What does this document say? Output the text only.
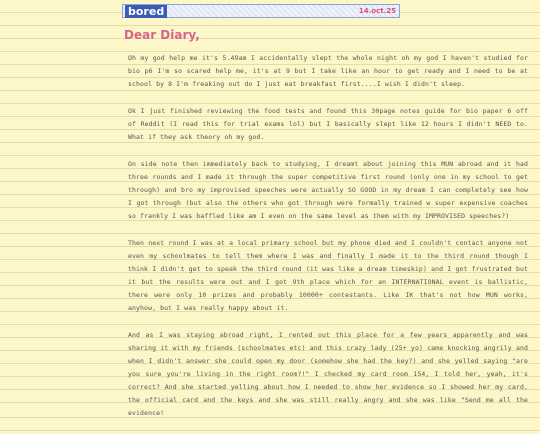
bored	14.oct.25
Dear Diary,

Oh my god help me it's 5.49am I accidentally slept the whole night oh my god I haven't studied for bio p6 I'm so scared help me, it's at 9 but I take like an hour to get ready and I need to be at school by 8 I'm freaking out do I just eat breakfast first....I wish I didn't sleep.

Ok I just finished reviewing the food tests and found this 30page notes guide for bio paper 6 off of Reddit (I read this for trial exams lol) but I basically slept like 12 hours I didn't NEED to. What if they ask theory oh my god.

On side note then immediately back to studying, I dreamt about joining this MUN abroad and it had three rounds and I made it through the super competitive first round (only one in my school to get through) and bro my improvised speeches were actually SO GOOD in my dream I can completely see how I got through (but also the others who got through were formally trained w super expensive coaches so frankly I was baffled like am I even on the same level as them with my IMPROVISED speeches?)

Then next round I was at a local primary school but my phone died and I couldn't contact anyone not even my schoolmates to tell them where I was and finally I made it to the third round though I think I didn't get to speak the third round (it was like a dream timeskip) and I got frustrated but it but the results were out and I got 9th place which for an INTERNATIONAL event is ballistic, there were only 10 prizes and probably 10000+ contestants. Like IK that's not how MUN works, anyhow, but I was really happy about it.

And as I was staying abroad right, I rented out this place for a few years apparently and was sharing it with my friends (schoolmates etc) and this crazy lady (25+ yo) came knocking angrily and when I didn't answer she could open my door (somehow she had the key?) and she yelled saying "are you sure you're living in the right room?!" I checked my card room 154, I told her, yeah, it's correct? And she started yelling about how I needed to show her evidence so I showed her my card, the official card and the keys and she was still really angry and she was like "Send me all the evidence!
